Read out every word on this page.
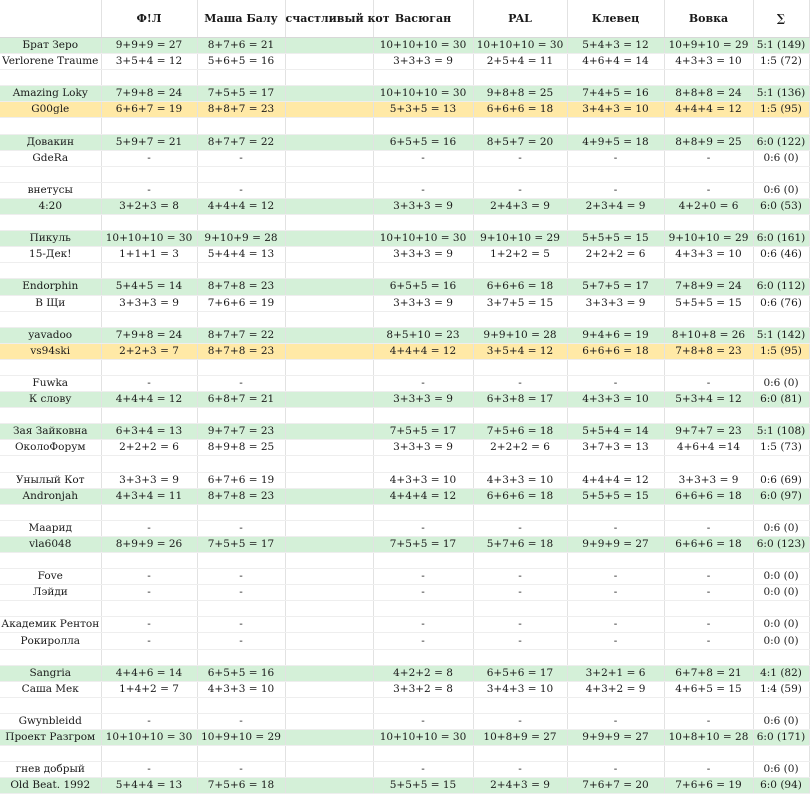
	Ф!Л	Маша Балу	счастливый кот	Васюган	PAL	Клевец	Вовка	∑
Брат Зеро	9+9+9 = 27	8+7+6 = 21		10+10+10 = 30	10+10+10 = 30	5+4+3 = 12	10+9+10 = 29	5:1 (149)
Verlorene Traume	3+5+4 = 12	5+6+5 = 16		3+3+3 = 9	2+5+4 = 11	4+6+4 = 14	4+3+3 = 10	1:5 (72)

Amazing Loky	7+9+8 = 24	7+5+5 = 17		10+10+10 = 30	9+8+8 = 25	7+4+5 = 16	8+8+8 = 24	5:1 (136)
G00gle	6+6+7 = 19	8+8+7 = 23		5+3+5 = 13	6+6+6 = 18	3+4+3 = 10	4+4+4 = 12	1:5 (95)

Довакин	5+9+7 = 21	8+7+7 = 22		6+5+5 = 16	8+5+7 = 20	4+9+5 = 18	8+8+9 = 25	6:0 (122)
GdeRa	-	-		-	-	-	-	0:6 (0)

внетусы	-	-		-	-	-	-	0:6 (0)
4:20	3+2+3 = 8	4+4+4 = 12		3+3+3 = 9	2+4+3 = 9	2+3+4 = 9	4+2+0 = 6	6:0 (53)

Пикуль	10+10+10 = 30	9+10+9 = 28		10+10+10 = 30	9+10+10 = 29	5+5+5 = 15	9+10+10 = 29	6:0 (161)
15-Дек!	1+1+1 = 3	5+4+4 = 13		3+3+3 = 9	1+2+2 = 5	2+2+2 = 6	4+3+3 = 10	0:6 (46)

Endorphin	5+4+5 = 14	8+7+8 = 23		6+5+5 = 16	6+6+6 = 18	5+7+5 = 17	7+8+9 = 24	6:0 (112)
В Щи	3+3+3 = 9	7+6+6 = 19		3+3+3 = 9	3+7+5 = 15	3+3+3 = 9	5+5+5 = 15	0:6 (76)

yavadoo	7+9+8 = 24	8+7+7 = 22		8+5+10 = 23	9+9+10 = 28	9+4+6 = 19	8+10+8 = 26	5:1 (142)
vs94ski	2+2+3 = 7	8+7+8 = 23		4+4+4 = 12	3+5+4 = 12	6+6+6 = 18	7+8+8 = 23	1:5 (95)

Fuwka	-	-		-	-	-	-	0:6 (0)
К слову	4+4+4 = 12	6+8+7 = 21		3+3+3 = 9	6+3+8 = 17	4+3+3 = 10	5+3+4 = 12	6:0 (81)

Зая Зайковна	6+3+4 = 13	9+7+7 = 23		7+5+5 = 17	7+5+6 = 18	5+5+4 = 14	9+7+7 = 23	5:1 (108)
ОколоФорум	2+2+2 = 6	8+9+8 = 25		3+3+3 = 9	2+2+2 = 6	3+7+3 = 13	4+6+4 =14	1:5 (73)

Унылый Кот	3+3+3 = 9	6+7+6 = 19		4+3+3 = 10	4+3+3 = 10	4+4+4 = 12	3+3+3 = 9	0:6 (69)
Andronjah	4+3+4 = 11	8+7+8 = 23		4+4+4 = 12	6+6+6 = 18	5+5+5 = 15	6+6+6 = 18	6:0 (97)

Маарид	-	-		-	-	-	-	0:6 (0)
vla6048	8+9+9 = 26	7+5+5 = 17		7+5+5 = 17	5+7+6 = 18	9+9+9 = 27	6+6+6 = 18	6:0 (123)

Fove	-	-		-	-	-	-	0:0 (0)
Лэйди	-	-		-	-	-	-	0:0 (0)

Академик Рентон	-	-		-	-	-	-	0:0 (0)
Рокиролла	-	-		-	-	-	-	0:0 (0)

Sangria	4+4+6 = 14	6+5+5 = 16		4+2+2 = 8	6+5+6 = 17	3+2+1 = 6	6+7+8 = 21	4:1 (82)
Саша Мек	1+4+2 = 7	4+3+3 = 10		3+3+2 = 8	3+4+3 = 10	4+3+2 = 9	4+6+5 = 15	1:4 (59)

Gwynbleidd	-	-		-	-	-	-	0:6 (0)
Проект Разгром	10+10+10 = 30	10+9+10 = 29		10+10+10 = 30	10+8+9 = 27	9+9+9 = 27	10+8+10 = 28	6:0 (171)

гнев добрый	-	-		-	-	-	-	0:6 (0)
Old Beat. 1992	5+4+4 = 13	7+5+6 = 18		5+5+5 = 15	2+4+3 = 9	7+6+7 = 20	7+6+6 = 19	6:0 (94)
